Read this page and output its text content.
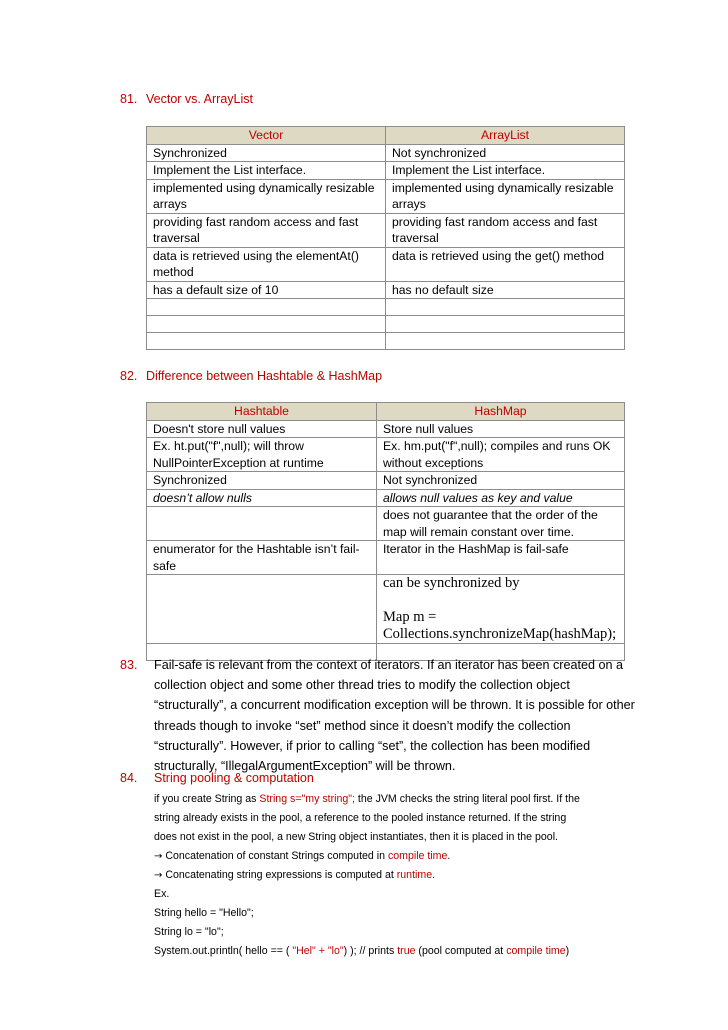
81. Vector vs. ArrayList
Vector	ArrayList
Synchronized	Not synchronized
Implement the List interface.	Implement the List interface.
implemented using dynamically resizable arrays	implemented using dynamically resizable arrays
providing fast random access and fast traversal	providing fast random access and fast traversal
data is retrieved using the elementAt() method	data is retrieved using the get() method
has a default size of 10	has no default size

82. Difference between Hashtable & HashMap
Hashtable	HashMap
Doesn't store null values	Store null values
Ex. ht.put("f",null); will throw NullPointerException at runtime	Ex. hm.put("f",null); compiles and runs OK without exceptions
Synchronized	Not synchronized
doesn’t allow nulls	allows null values as key and value
	does not guarantee that the order of the map will remain constant over time.
enumerator for the Hashtable isn’t fail-safe	Iterator in the HashMap is fail-safe
	can be synchronized by
Map m =
Collections.synchronizeMap(hashMap);

83. Fail-safe is relevant from the context of iterators. If an iterator has been created on a collection object and some other thread tries to modify the collection object “structurally”, a concurrent modification exception will be thrown. It is possible for other threads though to invoke “set” method since it doesn’t modify the collection “structurally”. However, if prior to calling “set”, the collection has been modified structurally, “IllegalArgumentException” will be thrown.
84. String pooling & computation
if you create String as String s="my string"; the JVM checks the string literal pool first. If the
string already exists in the pool, a reference to the pooled instance returned. If the string
does not exist in the pool, a new String object instantiates, then it is placed in the pool.
→ Concatenation of constant Strings computed in compile time.
→ Concatenating string expressions is computed at runtime.
Ex.
String hello = "Hello";
String lo = "lo";
System.out.println( hello == ( "Hel" + "lo") ); // prints true (pool computed at compile time)
